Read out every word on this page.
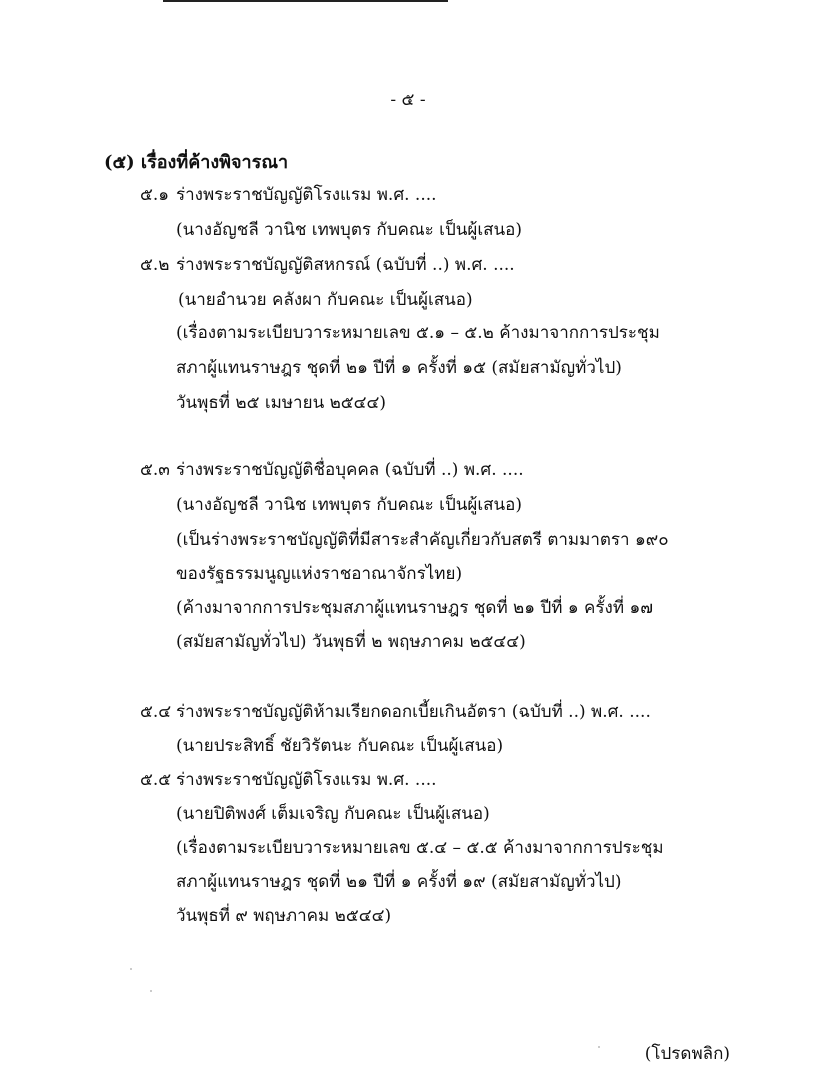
- ๕ -
(๕) เรื่องที่ค้างพิจารณา
๕.๑ ร่างพระราชบัญญัติโรงแรม พ.ศ. ....
(นางอัญชลี วานิช เทพบุตร กับคณะ เป็นผู้เสนอ)
๕.๒ ร่างพระราชบัญญัติสหกรณ์ (ฉบับที่ ..) พ.ศ. ....
(นายอำนวย คลังผา กับคณะ เป็นผู้เสนอ)
(เรื่องตามระเบียบวาระหมายเลข ๕.๑ – ๕.๒ ค้างมาจากการประชุม
สภาผู้แทนราษฎร ชุดที่ ๒๑ ปีที่ ๑ ครั้งที่ ๑๕ (สมัยสามัญทั่วไป)
วันพุธที่ ๒๕ เมษายน ๒๕๔๔)
๕.๓ ร่างพระราชบัญญัติชื่อบุคคล (ฉบับที่ ..) พ.ศ. ....
(นางอัญชลี วานิช เทพบุตร กับคณะ เป็นผู้เสนอ)
(เป็นร่างพระราชบัญญัติที่มีสาระสำคัญเกี่ยวกับสตรี ตามมาตรา ๑๙๐
ของรัฐธรรมนูญแห่งราชอาณาจักรไทย)
(ค้างมาจากการประชุมสภาผู้แทนราษฎร ชุดที่ ๒๑ ปีที่ ๑ ครั้งที่ ๑๗
(สมัยสามัญทั่วไป) วันพุธที่ ๒ พฤษภาคม ๒๕๔๔)
๕.๔ ร่างพระราชบัญญัติห้ามเรียกดอกเบี้ยเกินอัตรา (ฉบับที่ ..) พ.ศ. ....
(นายประสิทธิ์ ชัยวิรัตนะ กับคณะ เป็นผู้เสนอ)
๕.๕ ร่างพระราชบัญญัติโรงแรม พ.ศ. ....
(นายปิติพงศ์ เต็มเจริญ กับคณะ เป็นผู้เสนอ)
(เรื่องตามระเบียบวาระหมายเลข ๕.๔ – ๕.๕ ค้างมาจากการประชุม
สภาผู้แทนราษฎร ชุดที่ ๒๑ ปีที่ ๑ ครั้งที่ ๑๙ (สมัยสามัญทั่วไป)
วันพุธที่ ๙ พฤษภาคม ๒๕๔๔)
(โปรดพลิก)
